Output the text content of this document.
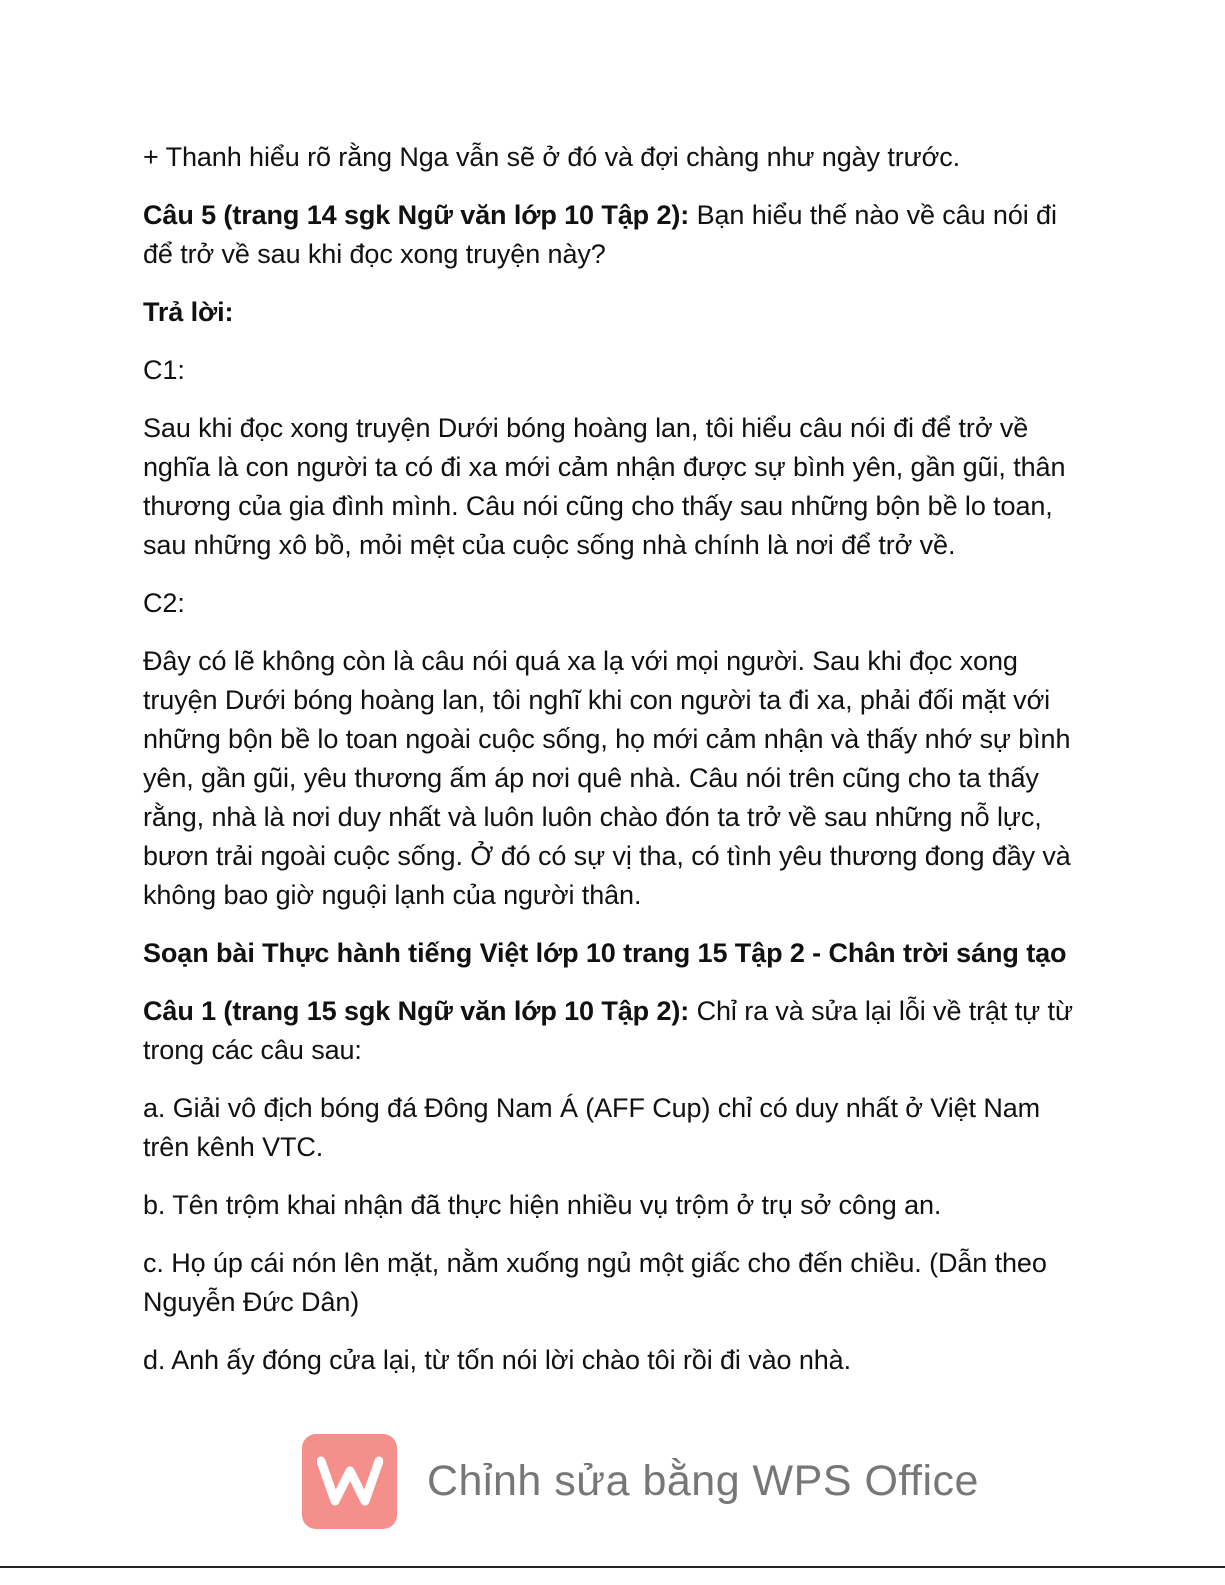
+ Thanh hiểu rõ rằng Nga vẫn sẽ ở đó và đợi chàng như ngày trước.

Câu 5 (trang 14 sgk Ngữ văn lớp 10 Tập 2): Bạn hiểu thế nào về câu nói đi để trở về sau khi đọc xong truyện này?

Trả lời:

C1:

Sau khi đọc xong truyện Dưới bóng hoàng lan, tôi hiểu câu nói đi để trở về nghĩa là con người ta có đi xa mới cảm nhận được sự bình yên, gần gũi, thân thương của gia đình mình. Câu nói cũng cho thấy sau những bộn bề lo toan, sau những xô bồ, mỏi mệt của cuộc sống nhà chính là nơi để trở về.

C2:

Đây có lẽ không còn là câu nói quá xa lạ với mọi người. Sau khi đọc xong truyện Dưới bóng hoàng lan, tôi nghĩ khi con người ta đi xa, phải đối mặt với những bộn bề lo toan ngoài cuộc sống, họ mới cảm nhận và thấy nhớ sự bình yên, gần gũi, yêu thương ấm áp nơi quê nhà. Câu nói trên cũng cho ta thấy rằng, nhà là nơi duy nhất và luôn luôn chào đón ta trở về sau những nỗ lực, bươn trải ngoài cuộc sống. Ở đó có sự vị tha, có tình yêu thương đong đầy và không bao giờ nguội lạnh của người thân.

Soạn bài Thực hành tiếng Việt lớp 10 trang 15 Tập 2 - Chân trời sáng tạo

Câu 1 (trang 15 sgk Ngữ văn lớp 10 Tập 2): Chỉ ra và sửa lại lỗi về trật tự từ trong các câu sau:

a. Giải vô địch bóng đá Đông Nam Á (AFF Cup) chỉ có duy nhất ở Việt Nam trên kênh VTC.

b. Tên trộm khai nhận đã thực hiện nhiều vụ trộm ở trụ sở công an.

c. Họ úp cái nón lên mặt, nằm xuống ngủ một giấc cho đến chiều. (Dẫn theo Nguyễn Đức Dân)

d. Anh ấy đóng cửa lại, từ tốn nói lời chào tôi rồi đi vào nhà.

Chỉnh sửa bằng WPS Office
